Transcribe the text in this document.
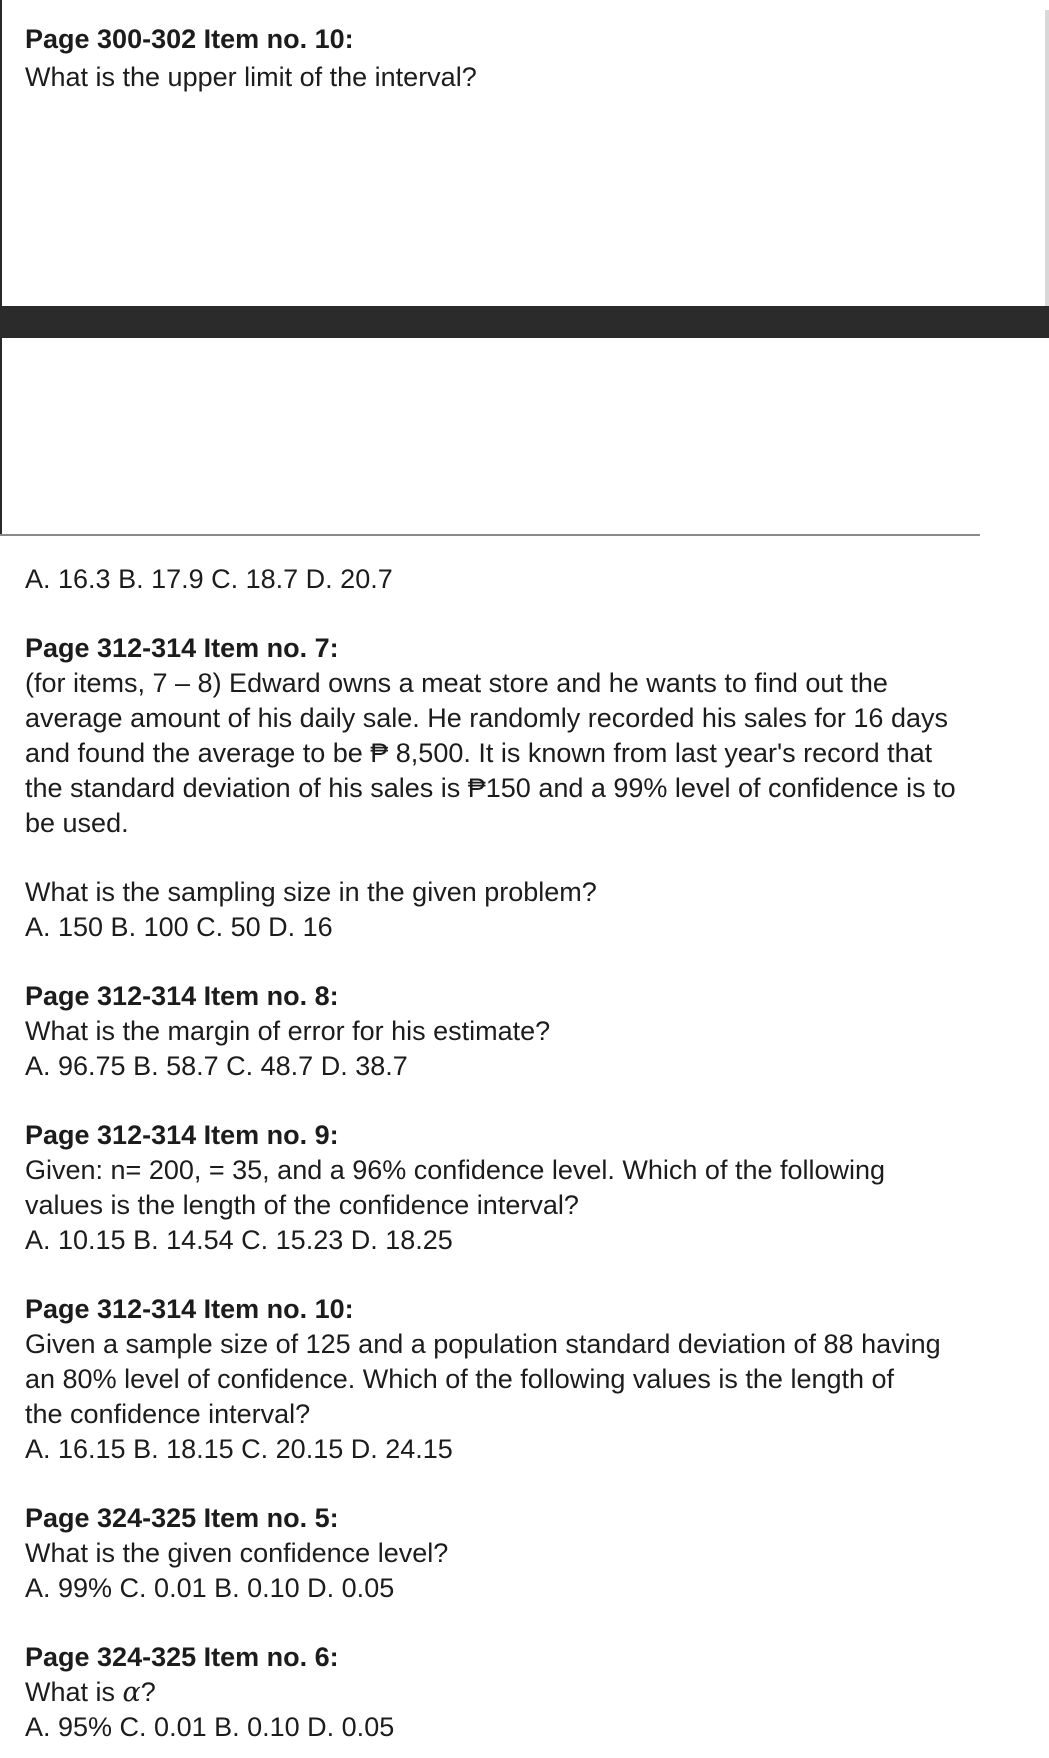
Page 300-302 Item no. 10:
What is the upper limit of the interval?

A. 16.3 B. 17.9 C. 18.7 D. 20.7

Page 312-314 Item no. 7:

(for items, 7 – 8) Edward owns a meat store and he wants to find out the

average amount of his daily sale. He randomly recorded his sales for 16 days

and found the average to be ₱ 8,500. It is known from last year's record that

the standard deviation of his sales is ₱150 and a 99% level of confidence is to

be used.

What is the sampling size in the given problem?

A. 150 B. 100 C. 50 D. 16

Page 312-314 Item no. 8:

What is the margin of error for his estimate?

A. 96.75 B. 58.7 C. 48.7 D. 38.7

Page 312-314 Item no. 9:

Given: n= 200, = 35, and a 96% confidence level. Which of the following

values is the length of the confidence interval?

A. 10.15 B. 14.54 C. 15.23 D. 18.25

Page 312-314 Item no. 10:

Given a sample size of 125 and a population standard deviation of 88 having

an 80% level of confidence. Which of the following values is the length of

the confidence interval?

A. 16.15 B. 18.15 C. 20.15 D. 24.15

Page 324-325 Item no. 5:

What is the given confidence level?

A. 99% C. 0.01 B. 0.10 D. 0.05

Page 324-325 Item no. 6:

What is α?

A. 95% C. 0.01 B. 0.10 D. 0.05
